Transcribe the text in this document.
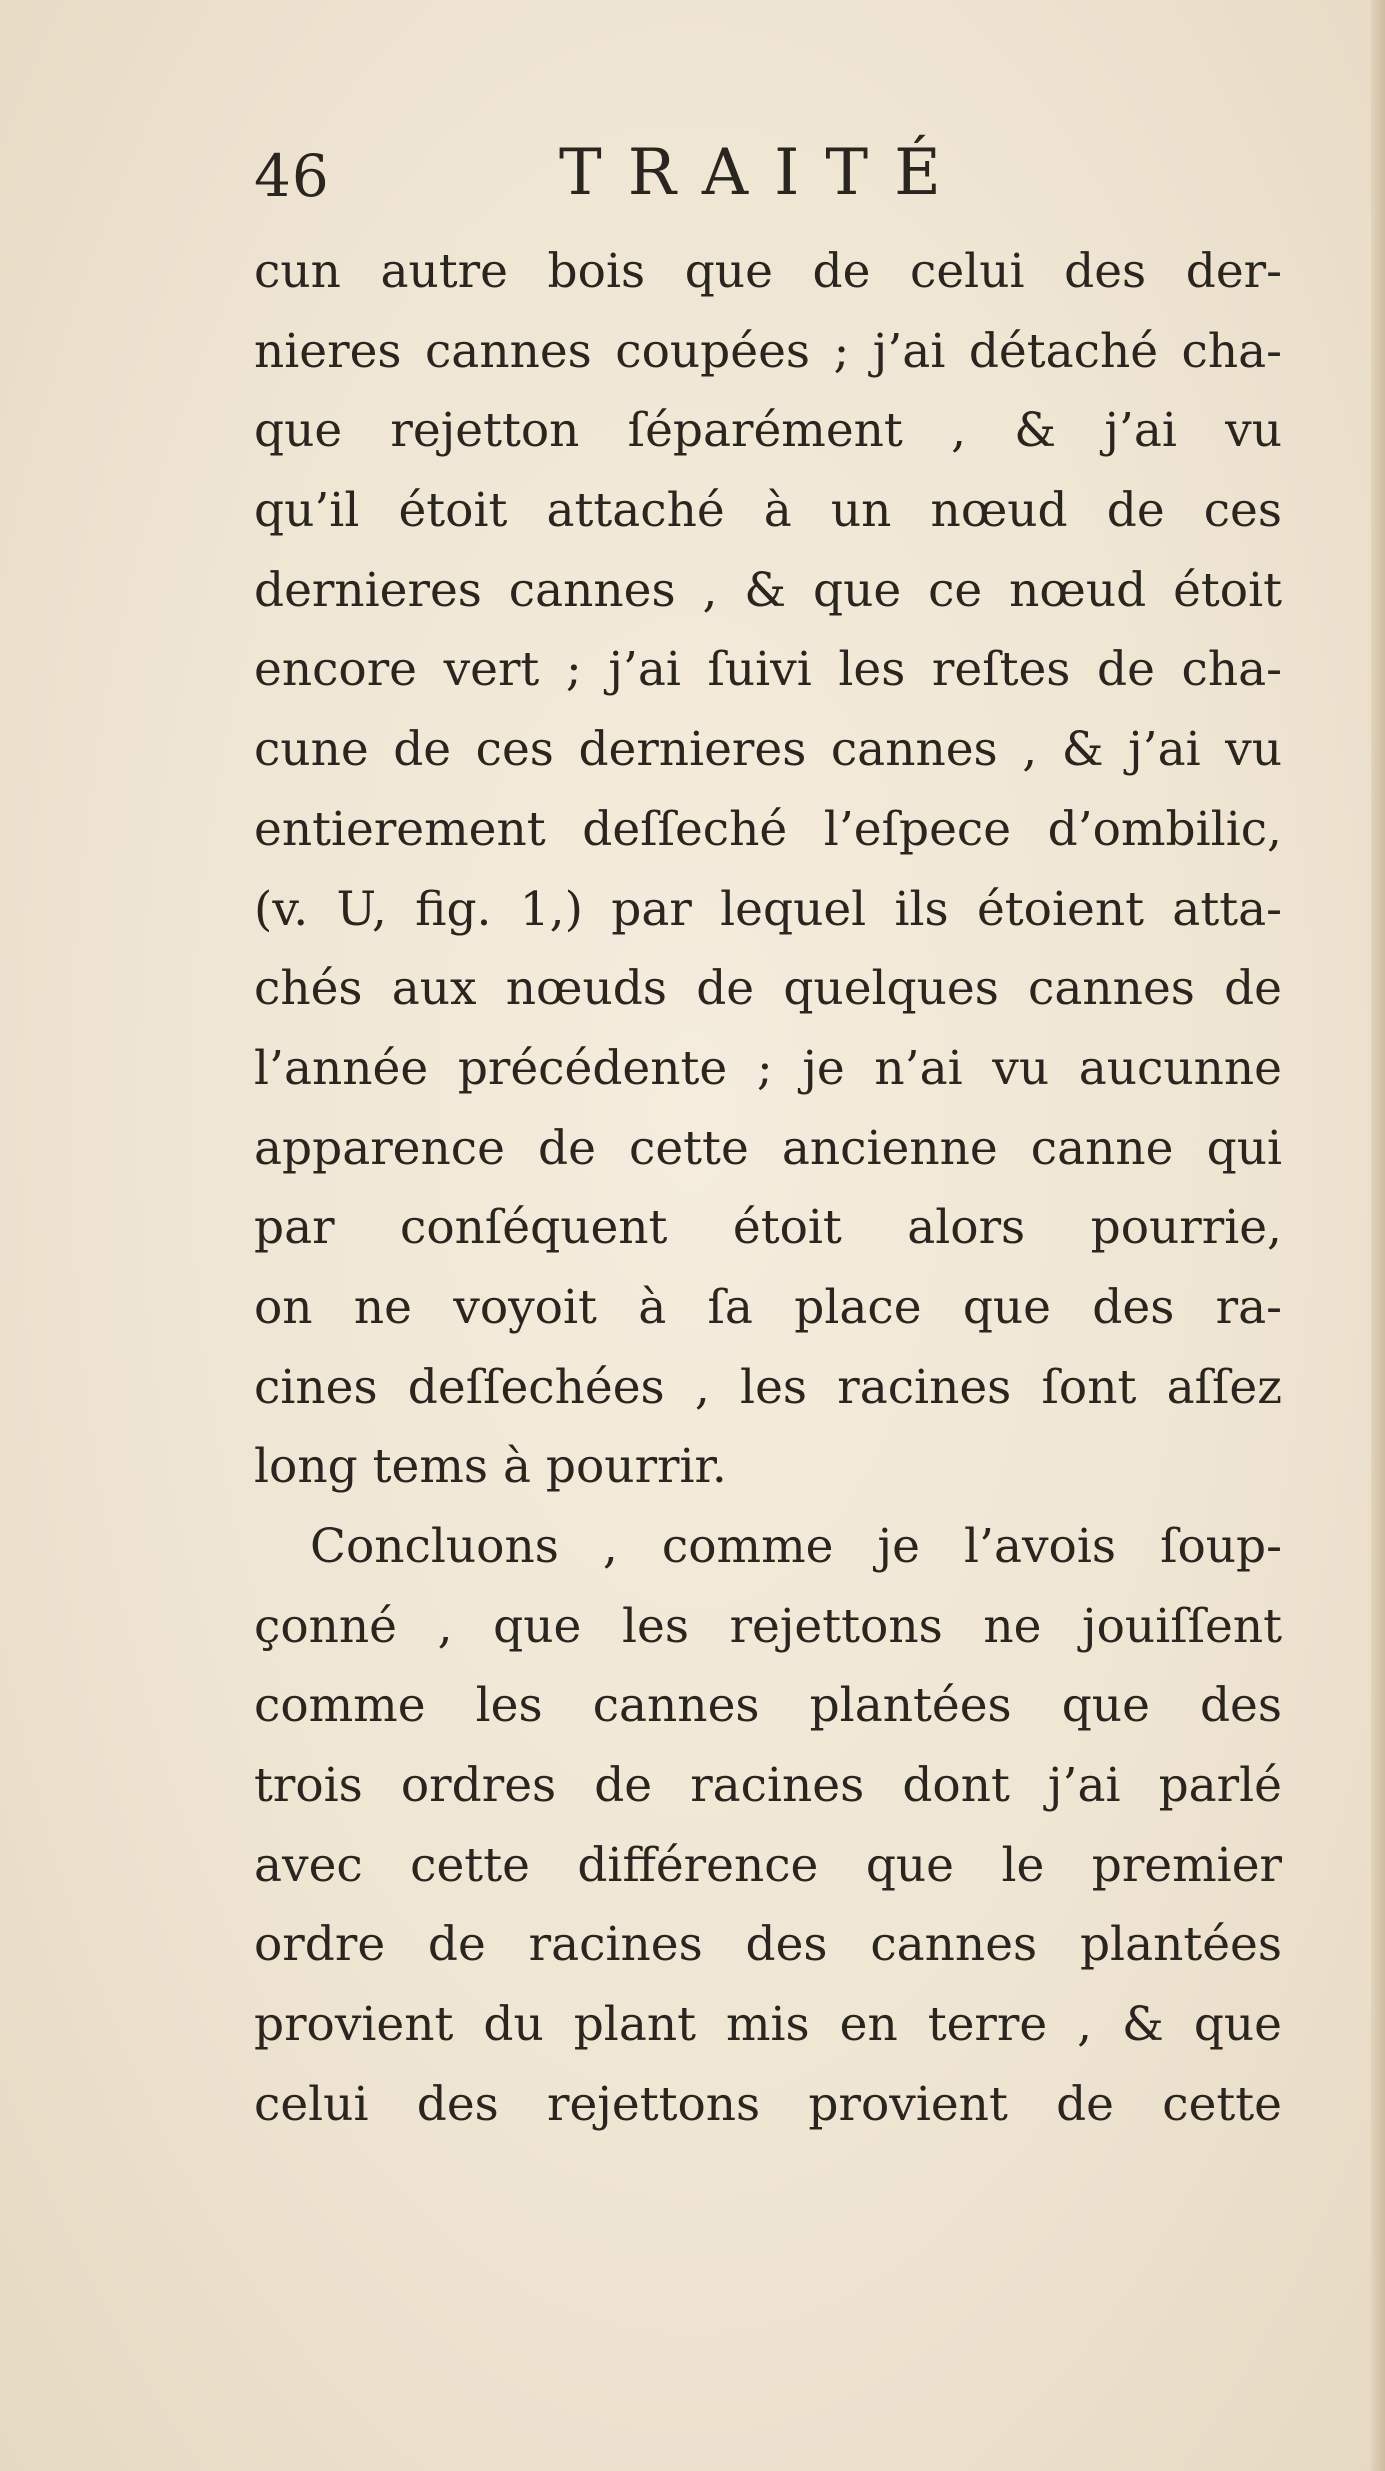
46	TRAITÉ
cun autre bois que de celui des der-
nieres cannes coupées ; j’ai détaché cha-
que rejetton ſéparément , & j’ai vu
qu’il étoit attaché à un nœud de ces
dernieres cannes , & que ce nœud étoit
encore vert ; j’ai ſuivi les reſtes de cha-
cune de ces dernieres cannes , & j’ai vu
entierement deſſeché l’eſpece d’ombilic,
(v. U, fig. 1,) par lequel ils étoient atta-
chés aux nœuds de quelques cannes de
l’année précédente ; je n’ai vu aucunne
apparence de cette ancienne canne qui
par conſéquent étoit alors pourrie,
on ne voyoit à ſa place que des ra-
cines deſſechées , les racines ſont aſſez
long tems à pourrir.
Concluons , comme je l’avois ſoup-
çonné , que les rejettons ne jouiſſent
comme les cannes plantées que des
trois ordres de racines dont j’ai parlé
avec cette différence que le premier
ordre de racines des cannes plantées
provient du plant mis en terre , & que
celui des rejettons provient de cette
